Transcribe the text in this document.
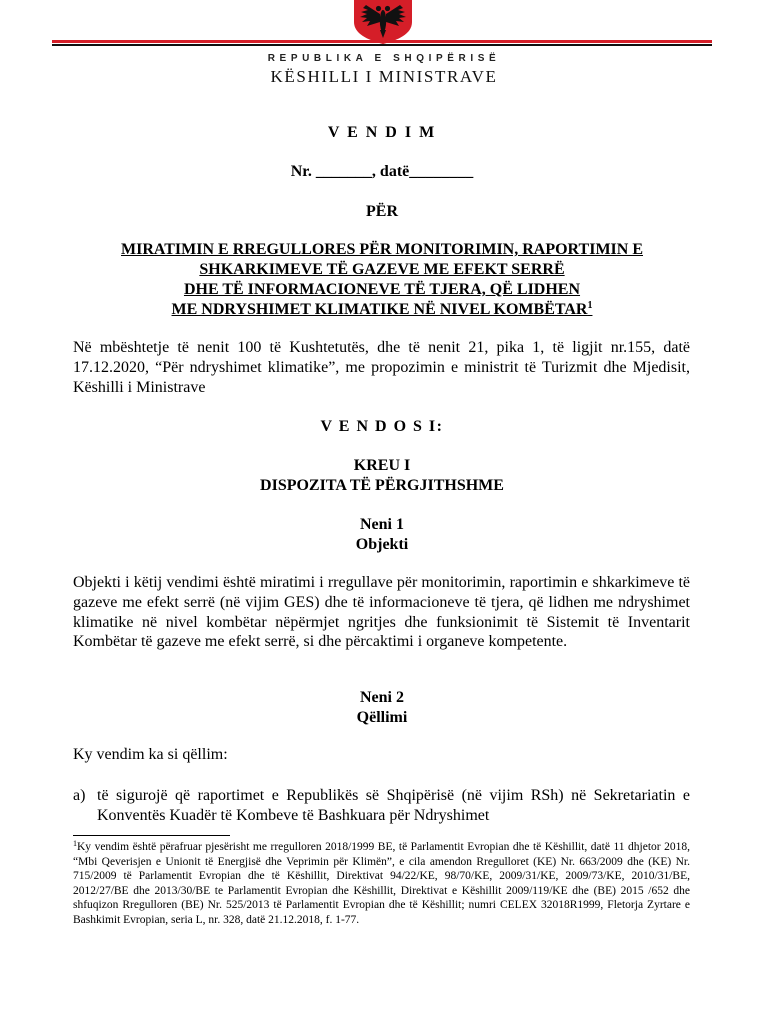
REPUBLIKA E SHQIPËRISË
KËSHILLI I MINISTRAVE
V E N D I M
Nr. _______, datë________
PËR
MIRATIMIN E RREGULLORES PËR MONITORIMIN, RAPORTIMIN E
SHKARKIMEVE TË GAZEVE ME EFEKT SERRË
DHE TË INFORMACIONEVE TË TJERA, QË LIDHEN
ME NDRYSHIMET KLIMATIKE NË NIVEL KOMBËTAR$^1$
Në mbështetje të nenit 100 të Kushtetutës, dhe të nenit 21, pika 1, të ligjit nr.155, datë 17.12.2020, “Për ndryshimet klimatike”, me propozimin e ministrit të Turizmit dhe Mjedisit, Këshilli i Ministrave
V E N D O S I:
KREU I
DISPOZITA TË PËRGJITHSHME
Neni 1
Objekti
Objekti i këtij vendimi është miratimi i rregullave për monitorimin, raportimin e shkarkimeve të gazeve me efekt serrë (në vijim GES) dhe të informacioneve të tjera, që lidhen me ndryshimet klimatike në nivel kombëtar nëpërmjet ngritjes dhe funksionimit të Sistemit të Inventarit Kombëtar të gazeve me efekt serrë, si dhe përcaktimi i organeve kompetente.
Neni 2
Qëllimi
Ky vendim ka si qëllim:
a) të sigurojë që raportimet e Republikës së Shqipërisë (në vijim RSh) në Sekretariatin e Konventës Kuadër të Kombeve të Bashkuara për Ndryshimet
$^1$Ky vendim është përafruar pjesërisht me rregulloren 2018/1999 BE, të Parlamentit Evropian dhe të Këshillit, datë 11 dhjetor 2018, “Mbi Qeverisjen e Unionit të Energjisë dhe Veprimin për Klimën”, e cila amendon Rregulloret (KE) Nr. 663/2009 dhe (KE) Nr. 715/2009 të Parlamentit Evropian dhe të Këshillit, Direktivat 94/22/KE, 98/70/KE, 2009/31/KE, 2009/73/KE, 2010/31/BE, 2012/27/BE dhe 2013/30/BE te Parlamentit Evropian dhe Këshillit, Direktivat e Këshillit 2009/119/KE dhe (BE) 2015 /652 dhe shfuqizon Rregulloren (BE) Nr. 525/2013 të Parlamentit Evropian dhe të Këshillit; numri CELEX 32018R1999, Fletorja Zyrtare e Bashkimit Evropian, seria L, nr. 328, datë 21.12.2018, f. 1-77.
